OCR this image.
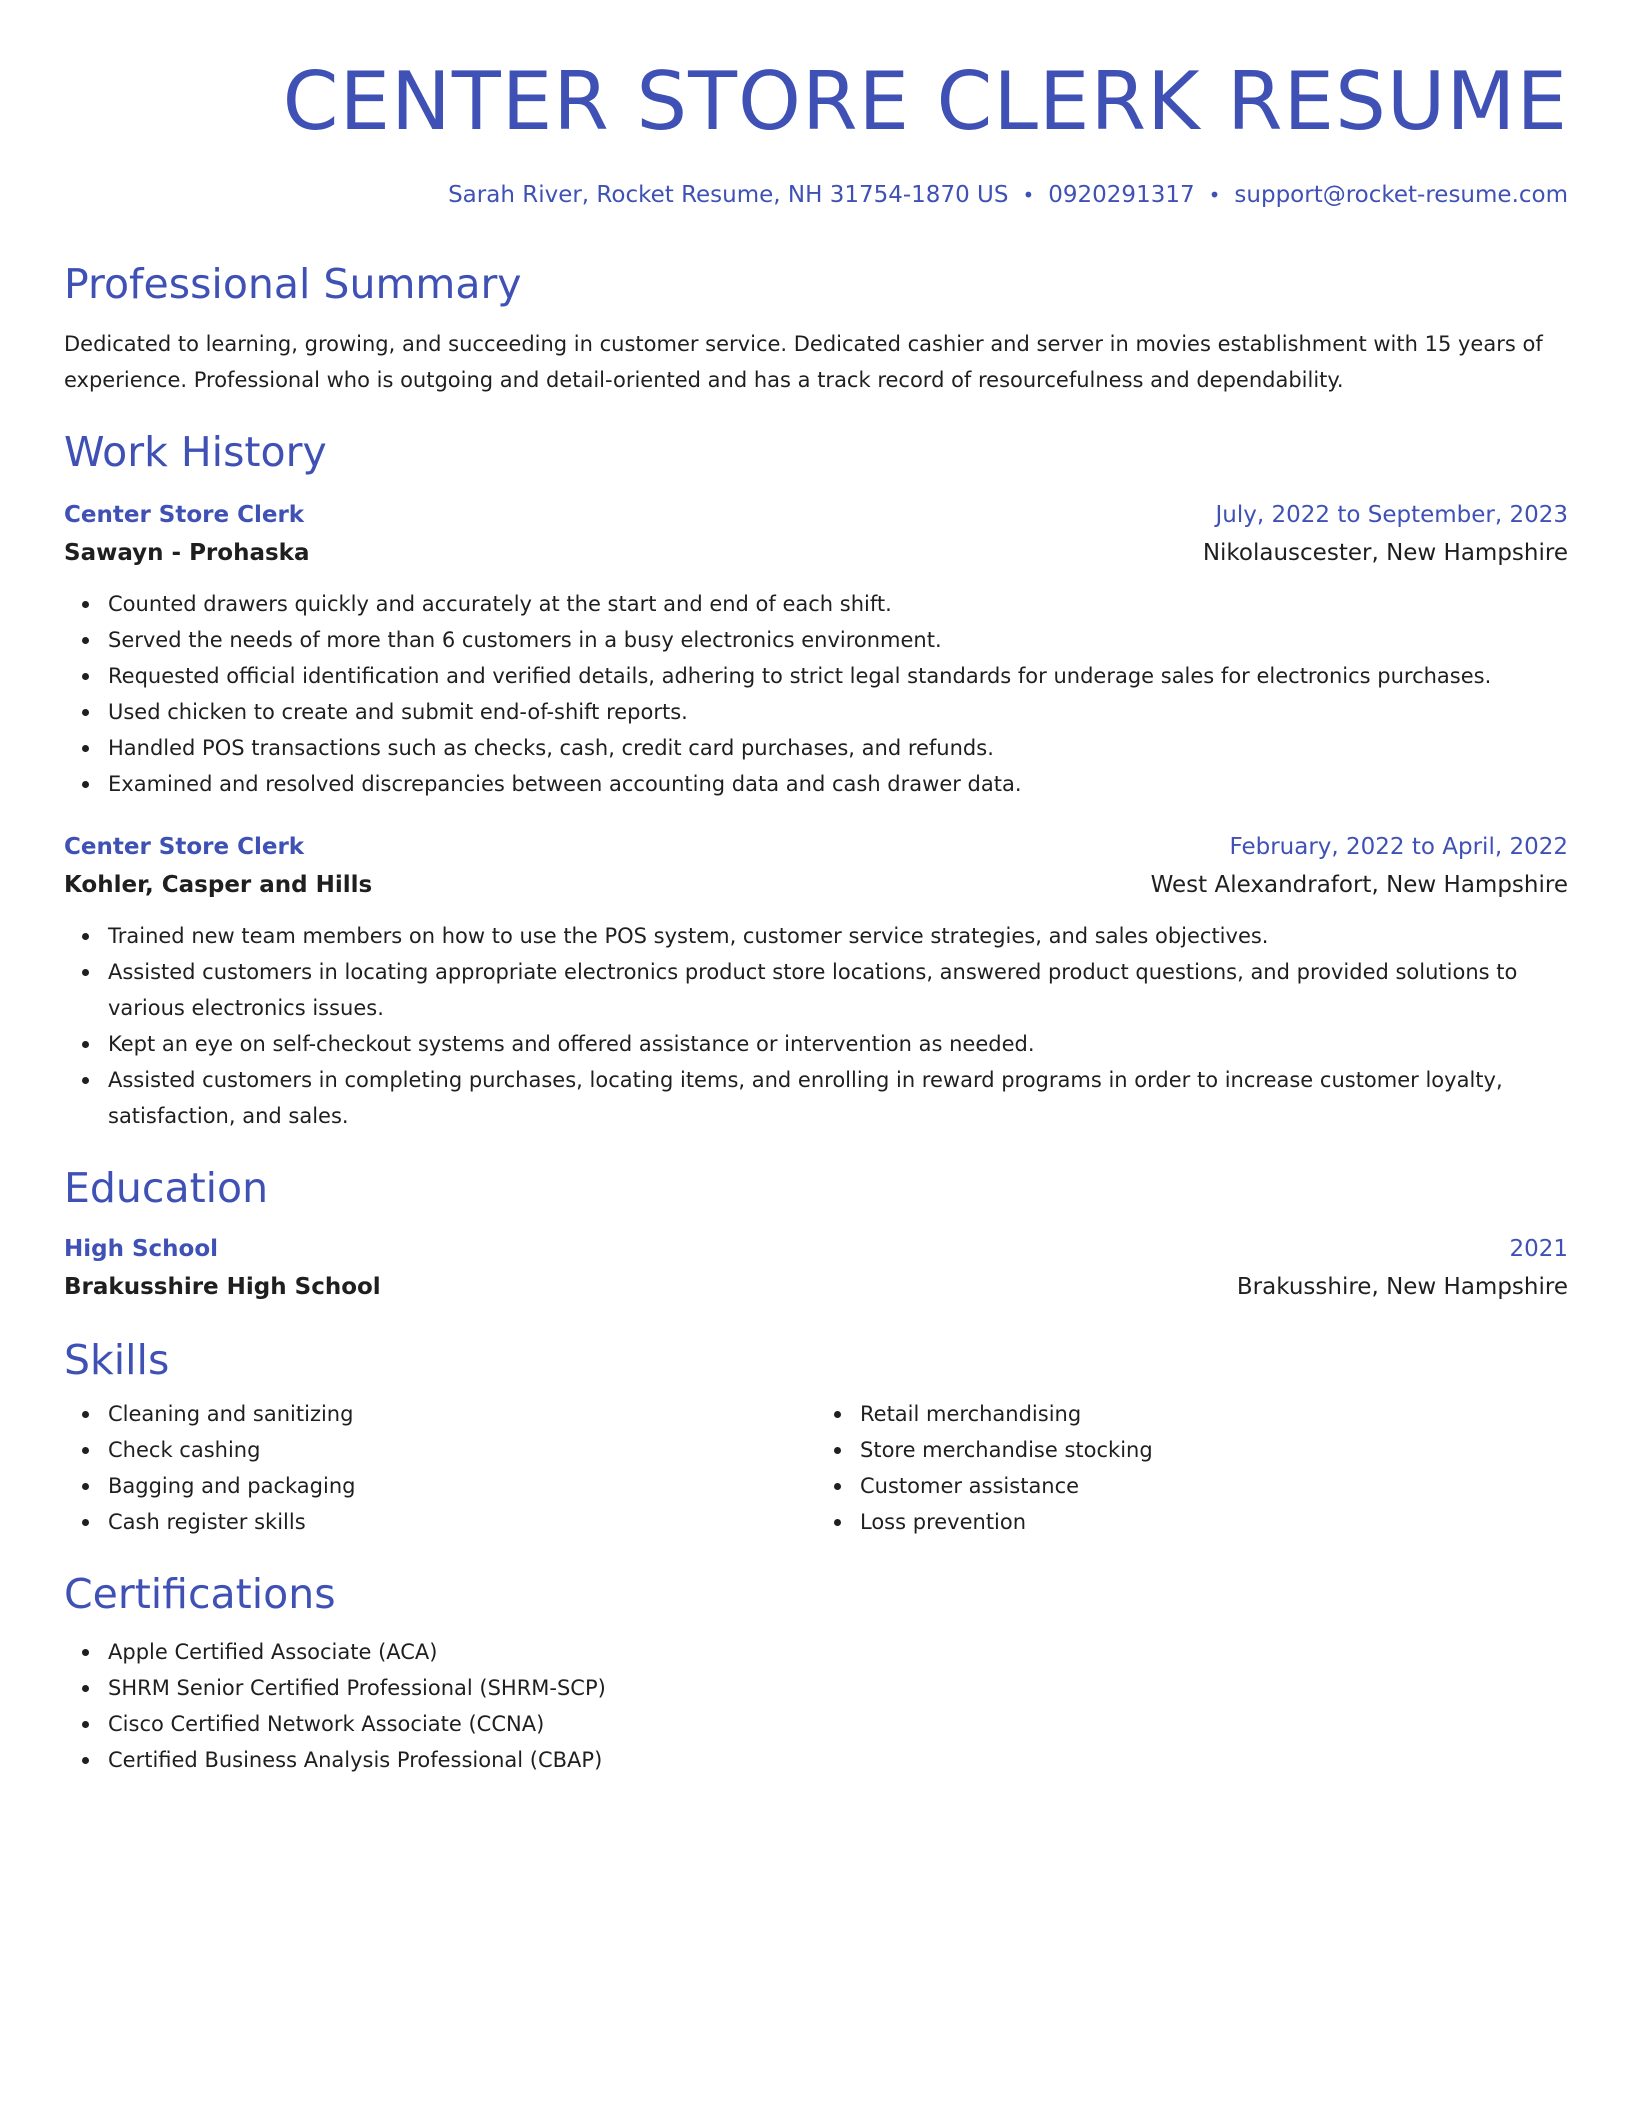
CENTER STORE CLERK RESUME
Sarah River, Rocket Resume, NH 31754-1870 US • 0920291317 • support@rocket-resume.com
Professional Summary
Dedicated to learning, growing, and succeeding in customer service. Dedicated cashier and server in movies establishment with 15 years of experience. Professional who is outgoing and detail-oriented and has a track record of resourcefulness and dependability.
Work History
Center Store Clerk	July, 2022 to September, 2023
Sawayn - Prohaska	Nikolauscester, New Hampshire
Counted drawers quickly and accurately at the start and end of each shift.
Served the needs of more than 6 customers in a busy electronics environment.
Requested official identification and verified details, adhering to strict legal standards for underage sales for electronics purchases.
Used chicken to create and submit end-of-shift reports.
Handled POS transactions such as checks, cash, credit card purchases, and refunds.
Examined and resolved discrepancies between accounting data and cash drawer data.
Center Store Clerk	February, 2022 to April, 2022
Kohler, Casper and Hills	West Alexandrafort, New Hampshire
Trained new team members on how to use the POS system, customer service strategies, and sales objectives.
Assisted customers in locating appropriate electronics product store locations, answered product questions, and provided solutions to various electronics issues.
Kept an eye on self-checkout systems and offered assistance or intervention as needed.
Assisted customers in completing purchases, locating items, and enrolling in reward programs in order to increase customer loyalty, satisfaction, and sales.
Education
High School	2021
Brakusshire High School	Brakusshire, New Hampshire
Skills
Cleaning and sanitizing
Check cashing
Bagging and packaging
Cash register skills
Retail merchandising
Store merchandise stocking
Customer assistance
Loss prevention
Certifications
Apple Certified Associate (ACA)
SHRM Senior Certified Professional (SHRM-SCP)
Cisco Certified Network Associate (CCNA)
Certified Business Analysis Professional (CBAP)
